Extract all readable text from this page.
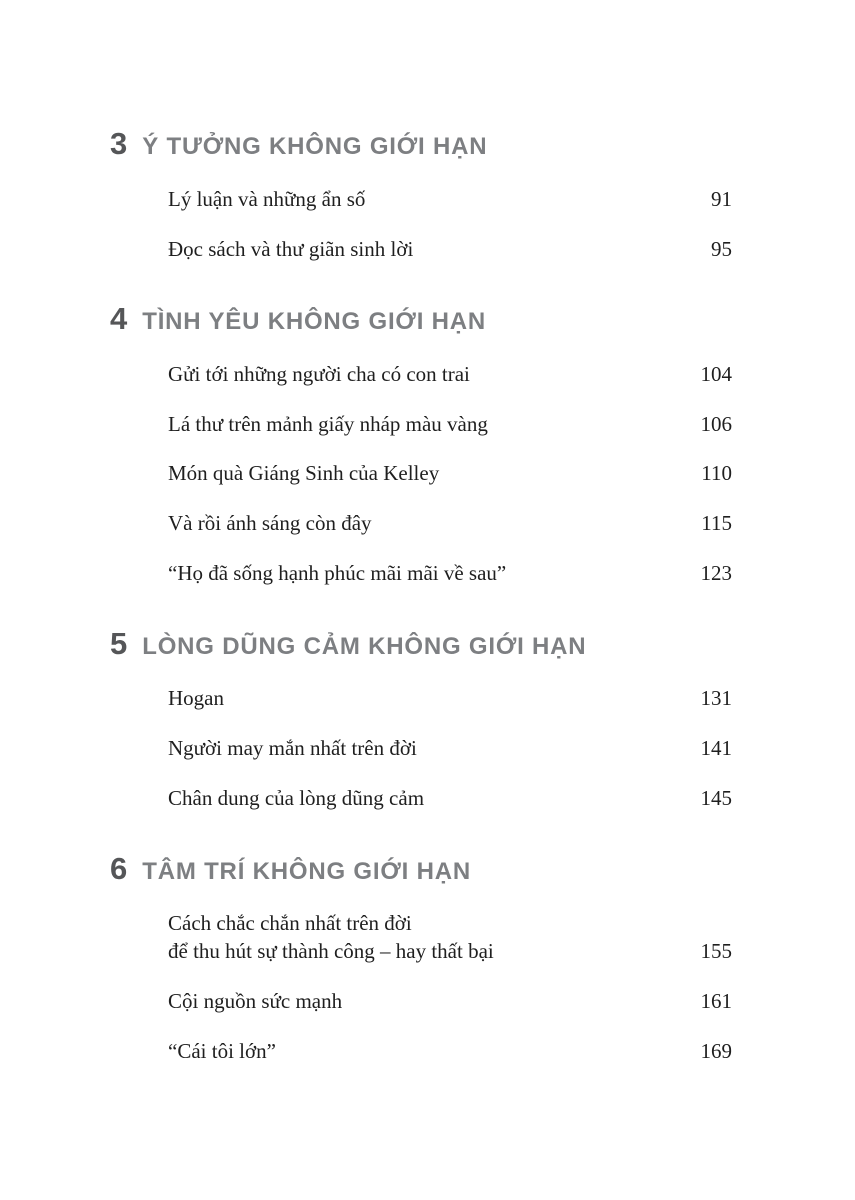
3 Ý TƯỞNG KHÔNG GIỚI HẠN
Lý luận và những ẩn số	91
Đọc sách và thư giãn sinh lời	95
4 TÌNH YÊU KHÔNG GIỚI HẠN
Gửi tới những người cha có con trai	104
Lá thư trên mảnh giấy nháp màu vàng	106
Món quà Giáng Sinh của Kelley	110
Và rồi ánh sáng còn đây	115
“Họ đã sống hạnh phúc mãi mãi về sau”	123
5 LÒNG DŨNG CẢM KHÔNG GIỚI HẠN
Hogan	131
Người may mắn nhất trên đời	141
Chân dung của lòng dũng cảm	145
6 TÂM TRÍ KHÔNG GIỚI HẠN
Cách chắc chắn nhất trên đời
để thu hút sự thành công – hay thất bại	155
Cội nguồn sức mạnh	161
“Cái tôi lớn”	169
